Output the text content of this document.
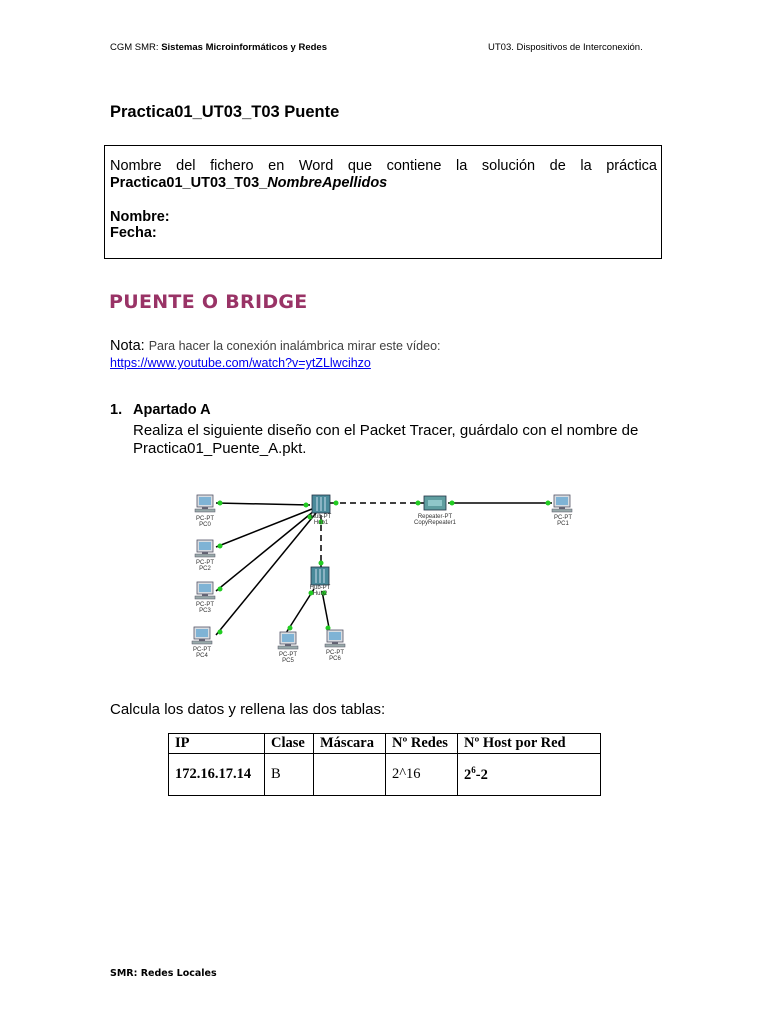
CGM SMR: Sistemas Microinformáticos y Redes	UT03. Dispositivos de Interconexión.
Practica01_UT03_T03 Puente
Nombre del fichero en Word que contiene la solución de la práctica
Practica01_UT03_T03_NombreApellidos
Nombre:
Fecha:
PUENTE O BRIDGE
Nota: Para hacer la conexión inalámbrica mirar este vídeo:
https://www.youtube.com/watch?v=ytZLlwcihzo
1. Apartado A
Realiza el siguiente diseño con el Packet Tracer, guárdalo con el nombre de
Practica01_Puente_A.pkt.
PC-PT
PC0
PC-PT
PC2
PC-PT
PC3
PC-PT
PC4	PC-PT
PC5
PC-PT
PC6
PC-PT
PC1
Hub-PT
Hub1
Hub-PT
Hub2
Repeater-PT
CopyRepeater1
Calcula los datos y rellena las dos tablas:
IP	Clase	Máscara	Nº Redes	Nº Host por Red
172.16.17.14	B		2^16	$2^6-2$
SMR: Redes Locales
